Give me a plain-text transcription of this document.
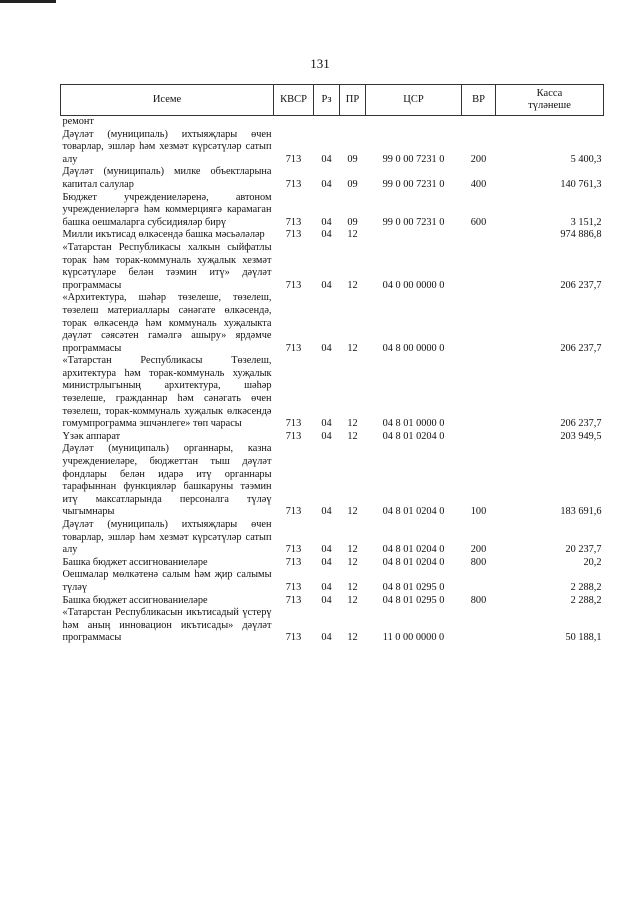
131
Исеме	КВСР	Рз	ПР	ЦСР	ВР	Касса
түләнеше

ремонт						
Дәүләт (муниципаль) ихтыяҗлары өчен товарлар, эшләр һәм хезмәт күрсәтүләр сатып алу	713	04	09	99 0 00 7231 0	200	5 400,3
Дәүләт (муниципаль) милке объектларына капитал салулар	713	04	09	99 0 00 7231 0	400	140 761,3
Бюджет учреждениеләренә, автоном учреждениеләргә һәм коммерциягә карамаган башка оешмаларга субсидияләр бирү	713	04	09	99 0 00 7231 0	600	3 151,2
Милли икътисад өлкәсендә башка мәсьәләләр	713	04	12			974 886,8
«Татарстан Республикасы халкын сыйфатлы торак һәм торак-коммуналь хуҗалык хезмәт күрсәтүләре белән тәэмин итү» дәүләт программасы	713	04	12	04 0 00 0000 0		206 237,7
«Архитектура, шәһәр төзелеше, төзелеш, төзелеш материаллары сәнәгате өлкәсендә, торак өлкәсендә һәм коммуналь хуҗалыкта дәүләт сәясәтен гамәлгә ашыру» ярдәмче программасы	713	04	12	04 8 00 0000 0		206 237,7
«Татарстан Республикасы Төзелеш, архитектура һәм торак-коммуналь хуҗалык министрлыгының архитектура, шәһәр төзелеше, гражданнар һәм сәнәгать өчен төзелеш, торак-коммуналь хуҗалык өлкәсендә гомумпрограмма эшчәнлеге» төп чарасы	713	04	12	04 8 01 0000 0		206 237,7
Үзәк аппарат	713	04	12	04 8 01 0204 0		203 949,5
Дәүләт (муниципаль) органнары, казна учреждениеләре, бюджеттан тыш дәүләт фондлары белән идарә итү органнары тарафыннан функцияләр башкаруны тәэмин итү максатларында персоналга түләү чыгымнары	713	04	12	04 8 01 0204 0	100	183 691,6
Дәүләт (муниципаль) ихтыяҗлары өчен товарлар, эшләр һәм хезмәт күрсәтүләр сатып алу	713	04	12	04 8 01 0204 0	200	20 237,7
Башка бюджет ассигнованиеләре	713	04	12	04 8 01 0204 0	800	20,2
Оешмалар мөлкәтенә салым һәм җир салымы түләү	713	04	12	04 8 01 0295 0		2 288,2
Башка бюджет ассигнованиеләре	713	04	12	04 8 01 0295 0	800	2 288,2
«Татарстан Республикасын икътисадый үстерү һәм аның инновацион икътисады» дәүләт программасы	713	04	12	11 0 00 0000 0		50 188,1
